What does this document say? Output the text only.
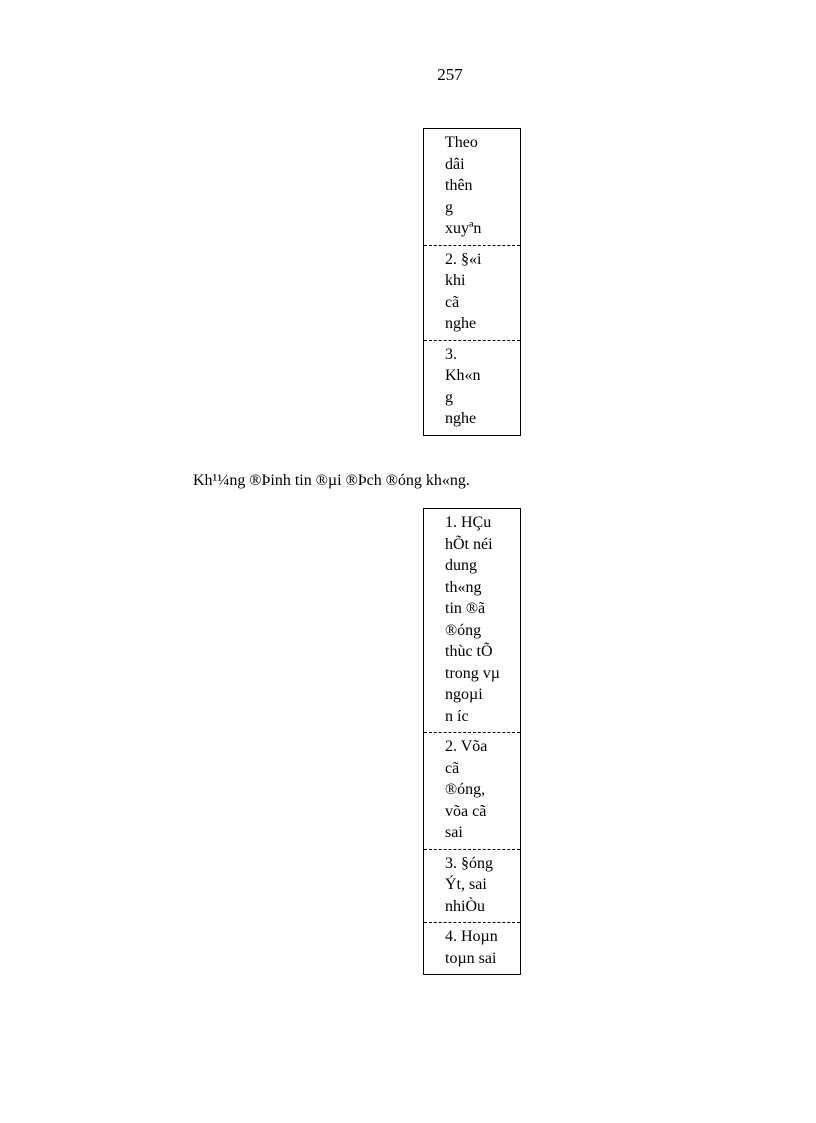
257
Theo
dâi
thên
g
xuyªn
2. §«i
khi
cã
nghe
3.
Kh«n
g
nghe
Kh¹¼ng ®Þinh tin ®µi ®Þch ®óng kh«ng.
1. HÇu
hÕt néi
dung
th«ng
tin ®ã
®óng
thùc tÕ
trong vµ
ngoµi
n íc
2. Võa
cã
®óng,
võa cã
sai
3. §óng
Ýt, sai
nhiÒu
4. Hoµn
toµn sai
